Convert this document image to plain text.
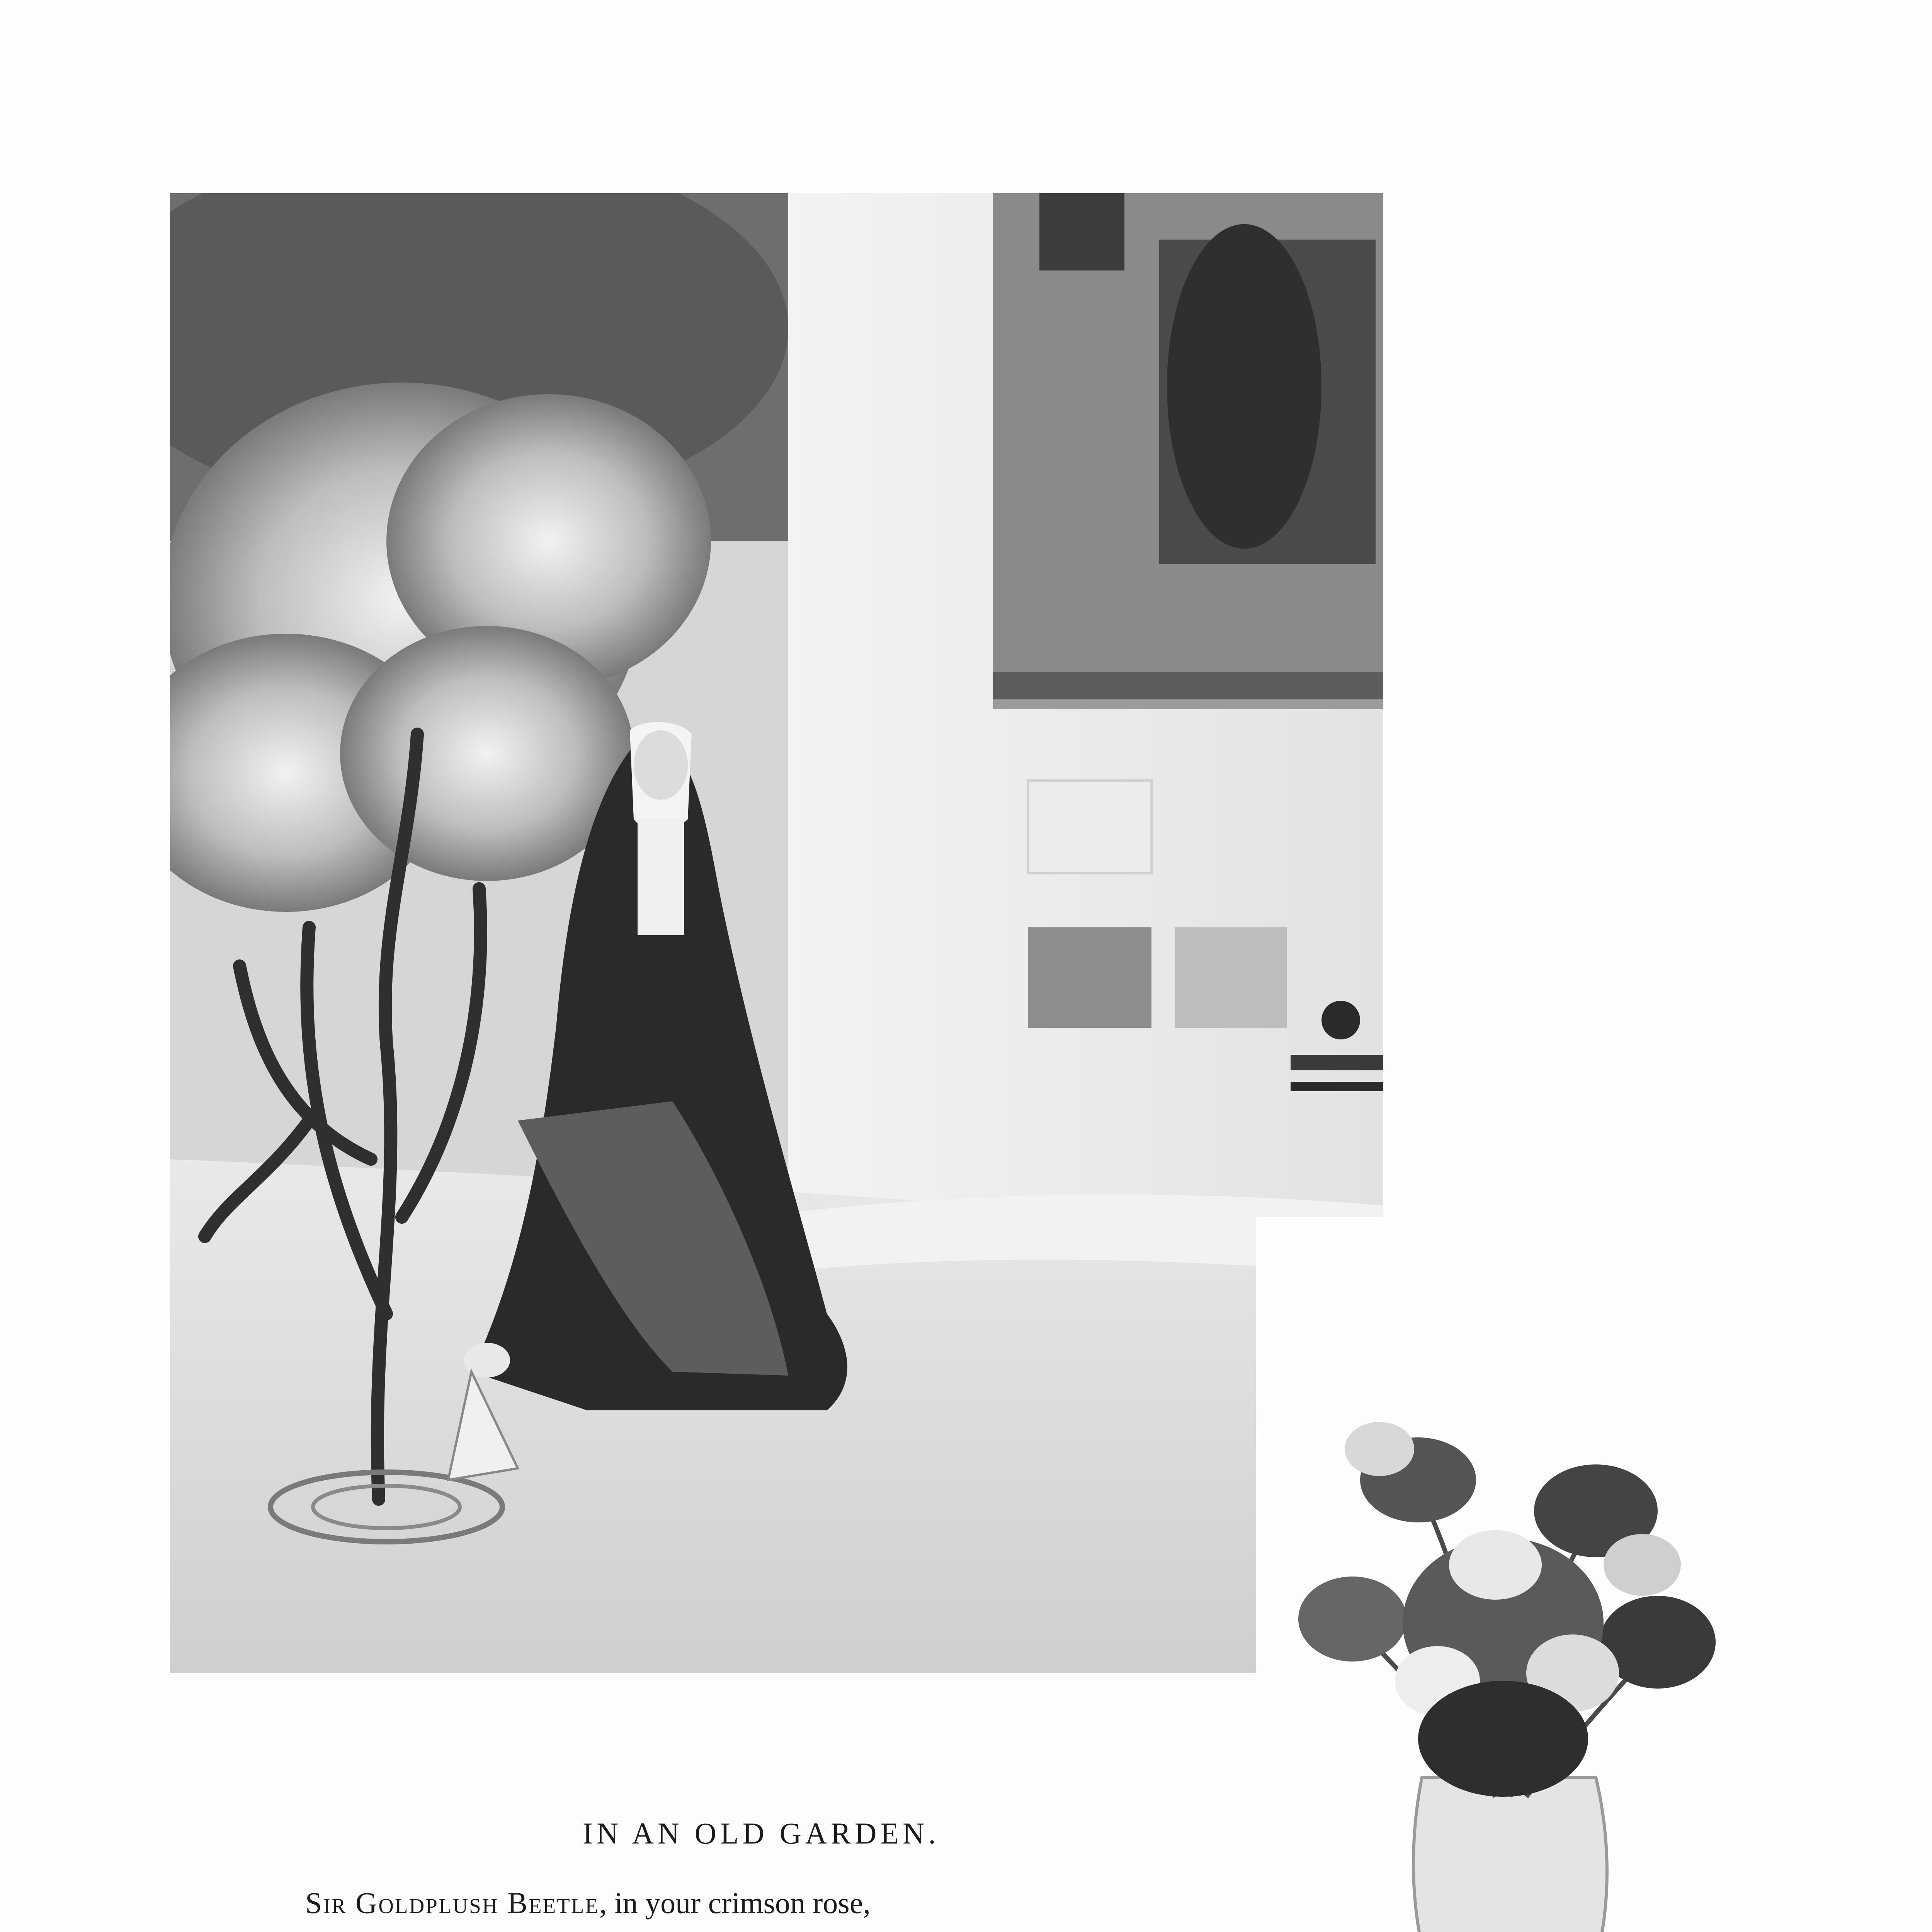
IN AN OLD GARDEN.

Sir Goldplush Beetle, in your crimson rose,
